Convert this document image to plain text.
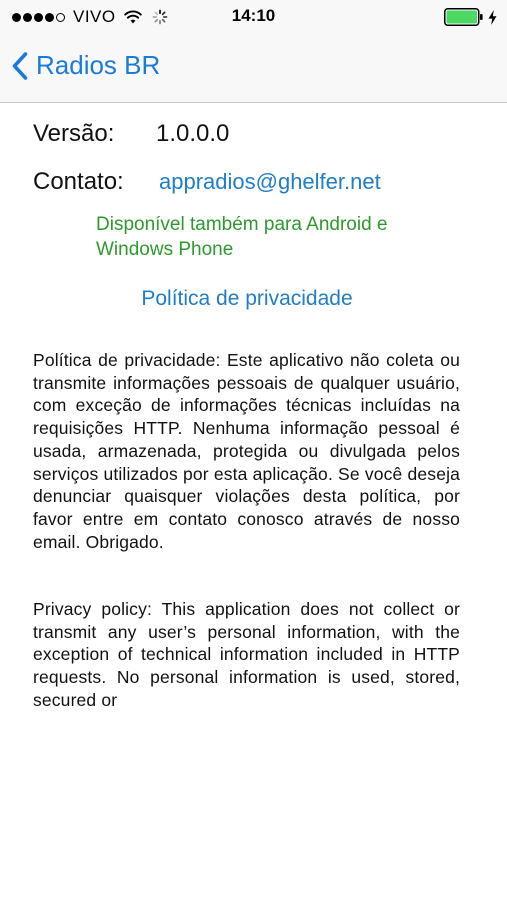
VIVO	14:10
Radios BR
Versão: 1.0.0.0
Contato: appradios@ghelfer.net
Disponível também para Android e Windows Phone
Política de privacidade
Política de privacidade: Este aplicativo não coleta ou transmite informações pessoais de qualquer usuário, com exceção de informações técnicas incluídas na requisições HTTP. Nenhuma informação pessoal é usada, armazenada, protegida ou divulgada pelos serviços utilizados por esta aplicação. Se você deseja denunciar quaisquer violações desta política, por favor entre em contato conosco através de nosso email. Obrigado.
Privacy policy: This application does not collect or transmit any user’s personal information, with the exception of technical information included in HTTP requests. No personal information is used, stored, secured or
